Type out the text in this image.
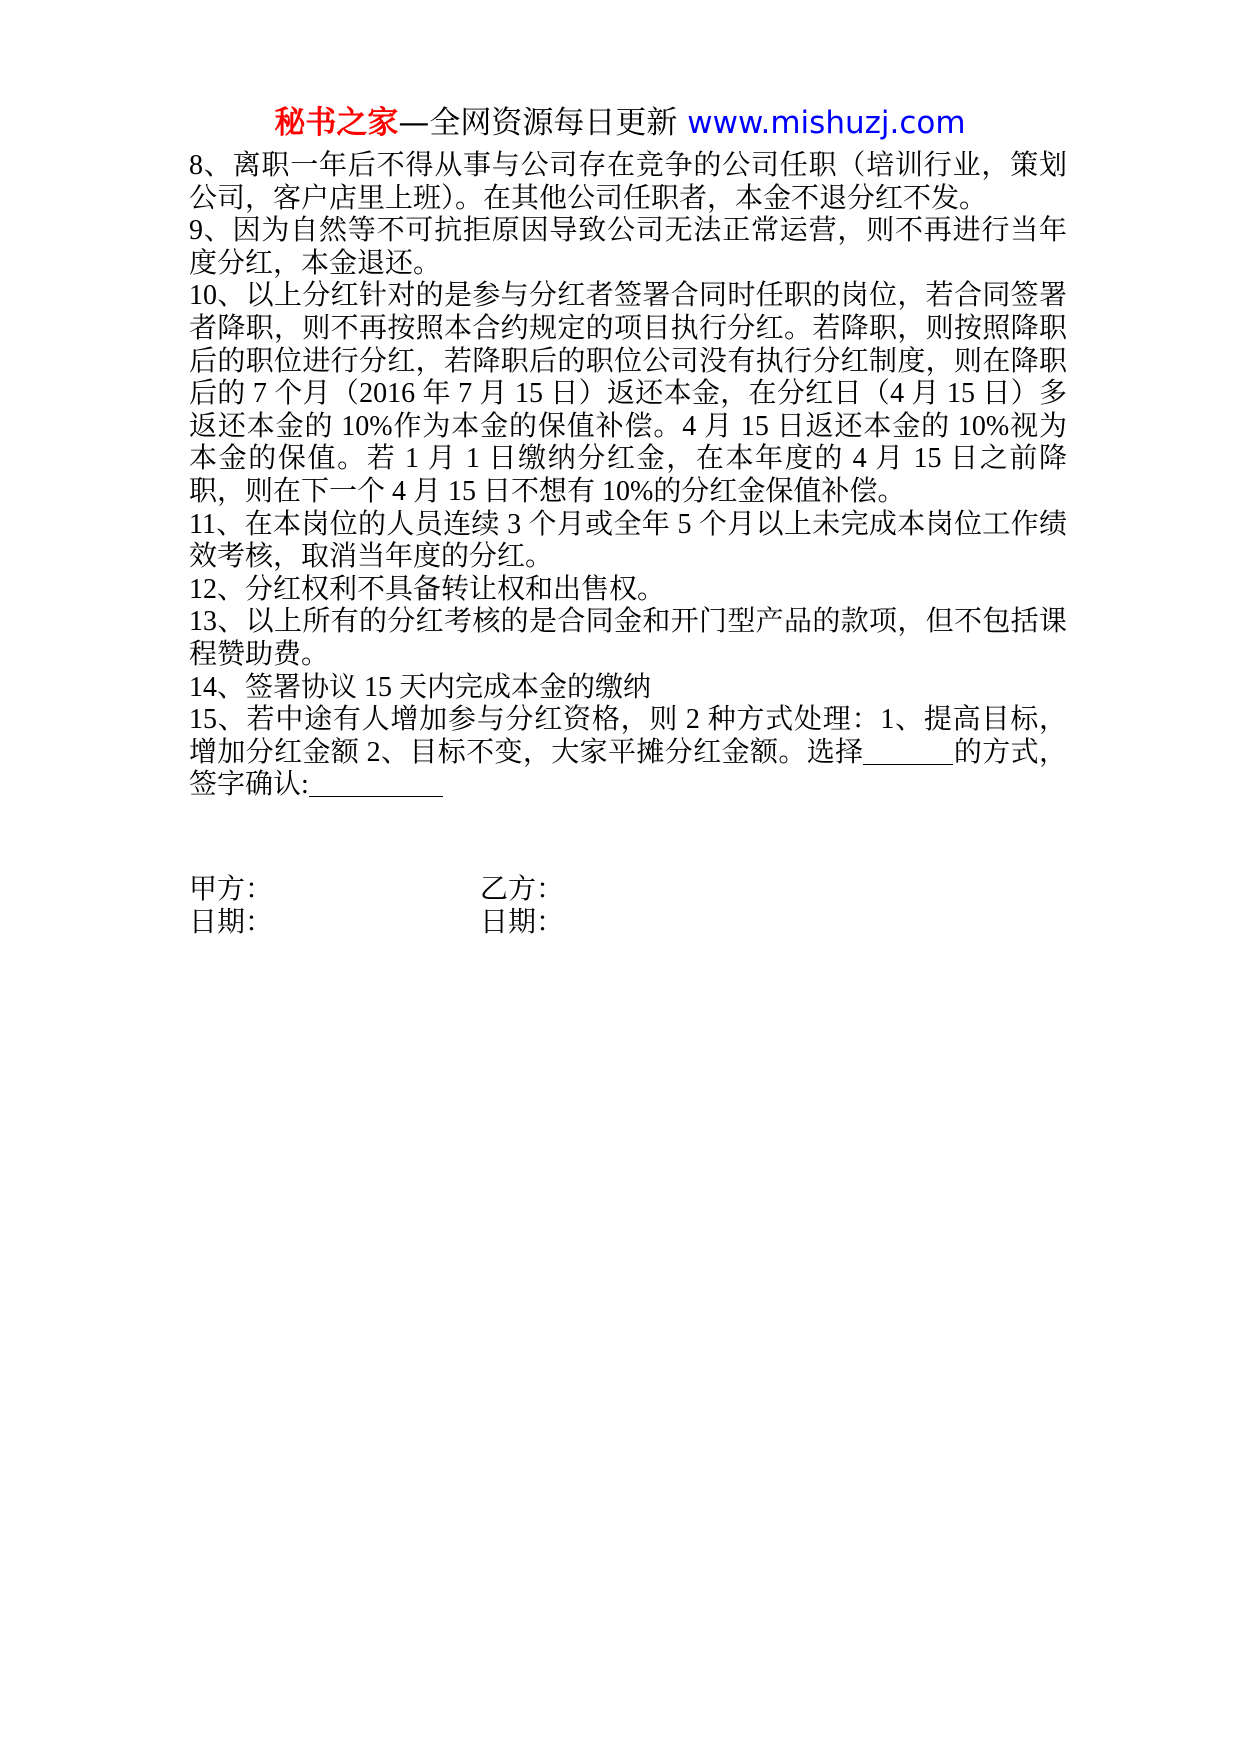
秘书之家—全网资源每日更新 www.mishuzj.com

8、离职一年后不得从事与公司存在竞争的公司任职（培训行业，策划公司，客户店里上班）。在其他公司任职者，本金不退分红不发。

9、因为自然等不可抗拒原因导致公司无法正常运营，则不再进行当年度分红，本金退还。

10、以上分红针对的是参与分红者签署合同时任职的岗位，若合同签署者降职，则不再按照本合约规定的项目执行分红。若降职，则按照降职后的职位进行分红，若降职后的职位公司没有执行分红制度，则在降职后的 7 个月（2016 年 7 月 15 日）返还本金，在分红日（4 月 15 日）多返还本金的 10%作为本金的保值补偿。4 月 15 日返还本金的 10%视为本金的保值。若 1 月 1 日缴纳分红金，在本年度的 4 月 15 日之前降职，则在下一个 4 月 15 日不想有 10%的分红金保值补偿。

11、在本岗位的人员连续 3 个月或全年 5 个月以上未完成本岗位工作绩效考核，取消当年度的分红。

12、分红权利不具备转让权和出售权。

13、以上所有的分红考核的是合同金和开门型产品的款项，但不包括课程赞助费。

14、签署协议 15 天内完成本金的缴纳

15、若中途有人增加参与分红资格，则 2 种方式处理：1、提高目标，增加分红金额 2、目标不变，大家平摊分红金额。选择	的方式，签字确认:

甲方：	乙方：
日期：	日期：
